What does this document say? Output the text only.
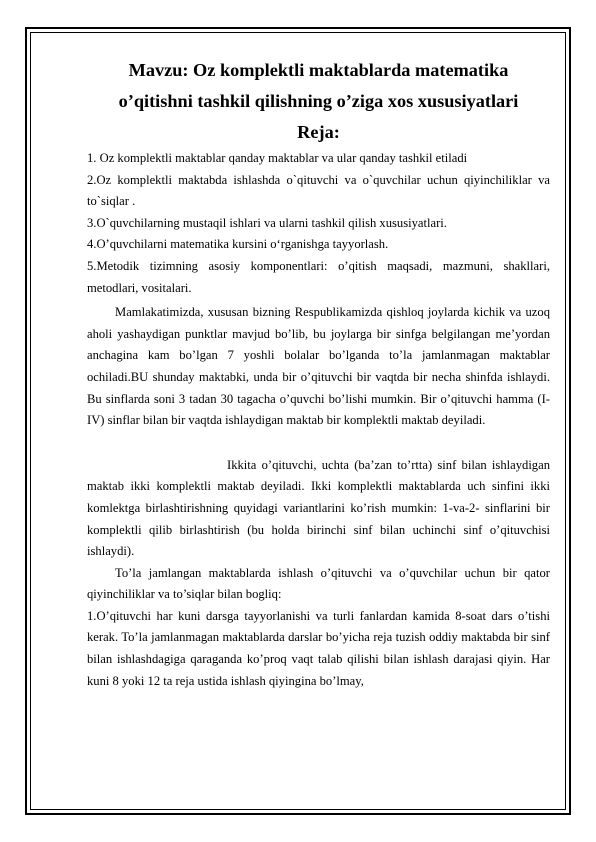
Mavzu: Oz komplektli maktablarda matematika

o’qitishni tashkil qilishning o’ziga xos xususiyatlari

Reja:

1. Oz komplektli maktablar qanday maktablar va ular qanday tashkil etiladi

2.Oz komplektli maktabda ishlashda o`qituvchi va o`quvchilar uchun qiyinchiliklar va to`siqlar .

3.O`quvchilarning mustaqil ishlari va ularni tashkil qilish xususiyatlari.

4.O’quvchilarni matematika kursini o‘rganishga tayyorlash.

5.Metodik tizimning asosiy komponentlari: o’qitish maqsadi, mazmuni, shakllari, metodlari, vositalari.

Mamlakatimizda, xususan bizning Respublikamizda qishloq joylarda kichik va uzoq aholi yashaydigan punktlar mavjud bo’lib, bu joylarga bir sinfga belgilangan me’yordan anchagina kam bo’lgan 7 yoshli bolalar bo’lganda to’la jamlanmagan maktablar ochiladi.BU shunday maktabki, unda bir o’qituvchi bir vaqtda bir necha shinfda ishlaydi. Bu sinflarda soni 3 tadan 30 tagacha o’quvchi bo’lishi mumkin. Bir o’qituvchi hamma (I-IV) sinflar bilan bir vaqtda ishlaydigan maktab bir komplektli maktab deyiladi.

Ikkita o’qituvchi, uchta (ba’zan to’rtta) sinf bilan ishlaydigan maktab ikki komplektli maktab deyiladi. Ikki komplektli maktablarda uch sinfini ikki komlektga birlashtirishning quyidagi variantlarini ko’rish mumkin: 1-va-2- sinflarini bir komplektli qilib birlashtirish (bu holda birinchi sinf bilan uchinchi sinf o’qituvchisi ishlaydi).

To’la jamlangan maktablarda ishlash o’qituvchi va o’quvchilar uchun bir qator qiyinchiliklar va to’siqlar bilan bogliq:

1.O’qituvchi har kuni darsga tayyorlanishi va turli fanlardan kamida 8-soat dars o’tishi kerak. To’la jamlanmagan maktablarda darslar bo’yicha reja tuzish oddiy maktabda bir sinf bilan ishlashdagiga qaraganda ko’proq vaqt talab qilishi bilan ishlash darajasi qiyin. Har kuni 8 yoki 12 ta reja ustida ishlash qiyingina bo’lmay,
